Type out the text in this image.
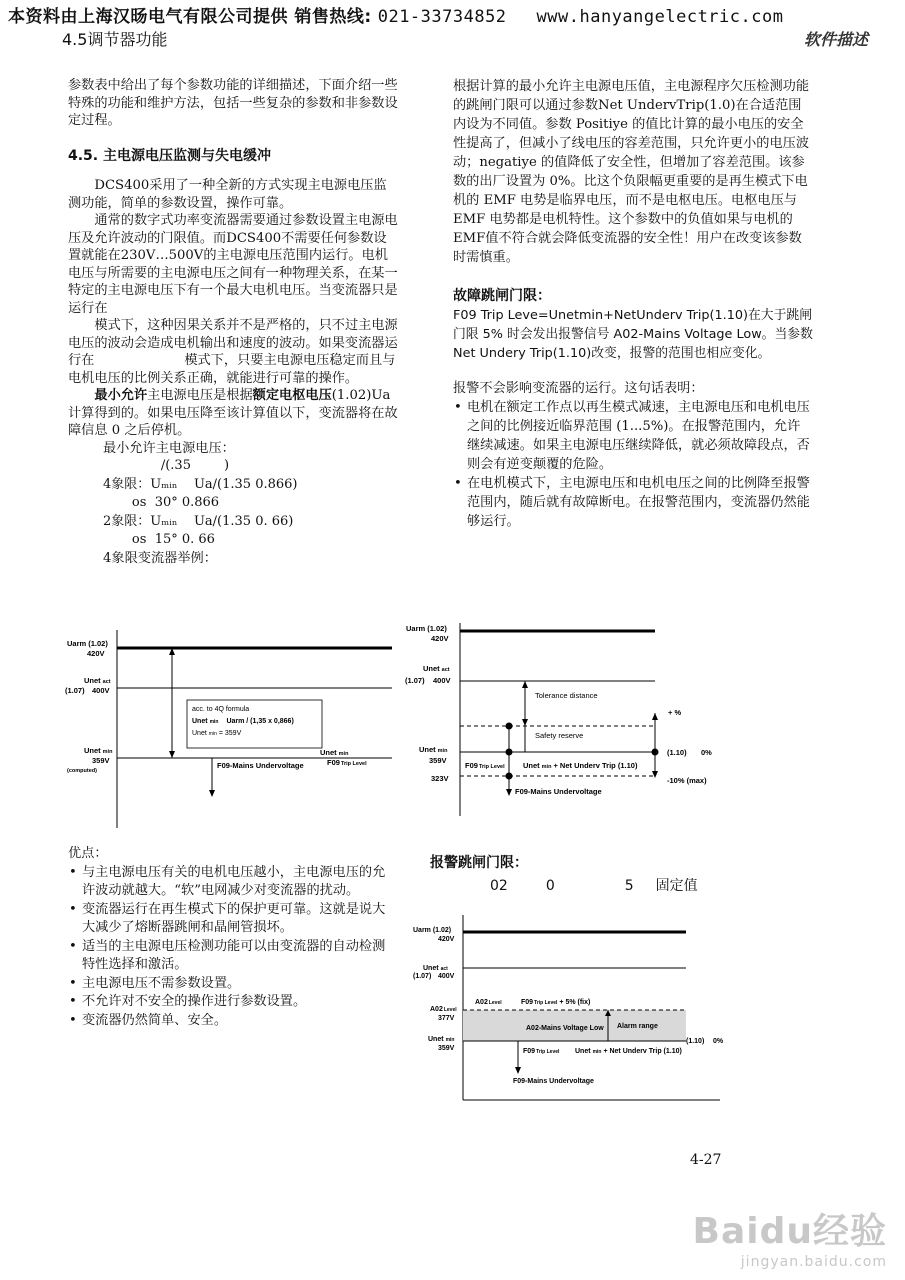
本资料由上海汉旸电气有限公司提供 销售热线: 021-33734852 www.hanyangelectric.com
4.5调节器功能	软件描述

参数表中给出了每个参数功能的详细描述，下面介绍一些特殊的功能和维护方法，包括一些复杂的参数和非参数设定过程。

4.5. 主电源电压监测与失电缓冲

DCS400采用了一种全新的方式实现主电源电压监测功能，简单的参数设置，操作可靠。

通常的数字式功率变流器需要通过参数设置主电源电压及允许波动的门限值。而DCS400不需要任何参数设置就能在230V…500V的主电源电压范围内运行。电机电压与所需要的主电源电压之间有一种物理关系，在某一特定的主电源电压下有一个最大电机电压。当变流器只是运行在

模式下，这种因果关系并不是严格的，只不过主电源电压的波动会造成电机输出和速度的波动。如果变流器运行在	模式下，只要主电源电压稳定而且与电机电压的比例关系正确，就能进行可靠的操作。

最小允许主电源电压是根据额定电枢电压(1.02)Ua计算得到的。如果电压降至该计算值以下，变流器将在故障信息 0 之后停机。

最小允许主电源电压：

/(.35        )
4象限：Uₘᵢₙ    Ua/(1.35 0.866)
os  30° 0.866
2象限：Uₘᵢₙ    Ua/(1.35 0. 66)
os  15° 0. 66
4象限变流器举例：

根据计算的最小允许主电源电压值，主电源程序欠压检测功能的跳闸门限可以通过参数Net UndervTrip(1.0)在合适范围内设为不同值。参数 Positiye 的值比计算的最小电压的安全性提高了，但减小了线电压的容差范围，只允许更小的电压波动；negatiye 的值降低了安全性，但增加了容差范围。该参数的出厂设置为 0%。比这个负限幅更重要的是再生模式下电机的 EMF 电势是临界电压，而不是电枢电压。电枢电压与 EMF 电势都是电机特性。这个参数中的负值如果与电机的EMF值不符合就会降低变流器的安全性！用户在改变该参数时需慎重。

故障跳闸门限：

F09 Trip Leve=Unetmin+NetUnderv Trip(1.10)在大于跳闸门限 5% 时会发出报警信号 A02-Mains Voltage Low。当参数Net Undery Trip(1.10)改变，报警的范围也相应变化。

报警不会影响变流器的运行。这句话表明：

• 电机在额定工作点以再生模式减速，主电源电压和电机电压之间的比例接近临界范围 (1...5%)。在报警范围内，允许继续减速。如果主电源电压继续降低，就必须故障段点，否则会有逆变颠覆的危险。
• 在电机模式下，主电源电压和电机电压之间的比例降至报警范围内，随后就有故障断电。在报警范围内，变流器仍然能够运行。
Uarm (1.02)
420V
Unet act
(1.07) 400V
Unet min
359V
(computed)
acc. to 4Q formula
Unet min Uarm / (1,35 x 0,866)
Unet min = 359V
F09-Mains Undervoltage
Unet min
F09Trip Level
Uarm (1.02)
420V
Unet act
(1.07) 400V
+ %
Unet min
359V
323V
Tolerance distance
Safety reserve
F09Trip Level Unet min + Net Underv Trip (1.10)
(1.10) 0%
-10% (max)
F09-Mains Undervoltage

优点：

• 与主电源电压有关的电机电压越小，主电源电压的允许波动就越大。“软”电网减少对变流器的扰动。
• 变流器运行在再生模式下的保护更可靠。这就是说大大减少了熔断器跳闸和晶闸管损坏。
• 适当的主电源电压检测功能可以由变流器的自动检测特性选择和激活。
• 主电源电压不需参数设置。
• 不允许对不安全的操作进行参数设置。
• 变流器仍然简单、安全。
报警跳闸门限：
02	0	5 固定值
Uarm (1.02)
420V
Unet act
(1.07) 400V
A02Level
377V
A02Level	F09Trip Level + 5% (fix)
A02-Mains Voltage Low Alarm range
Unet min
359V
(1.10) 0%
F09Trip Level Unet min + Net Underv Trip (1.10)
F09-Mains Undervoltage
4-27
Baidu经验
jingyan.baidu.com
